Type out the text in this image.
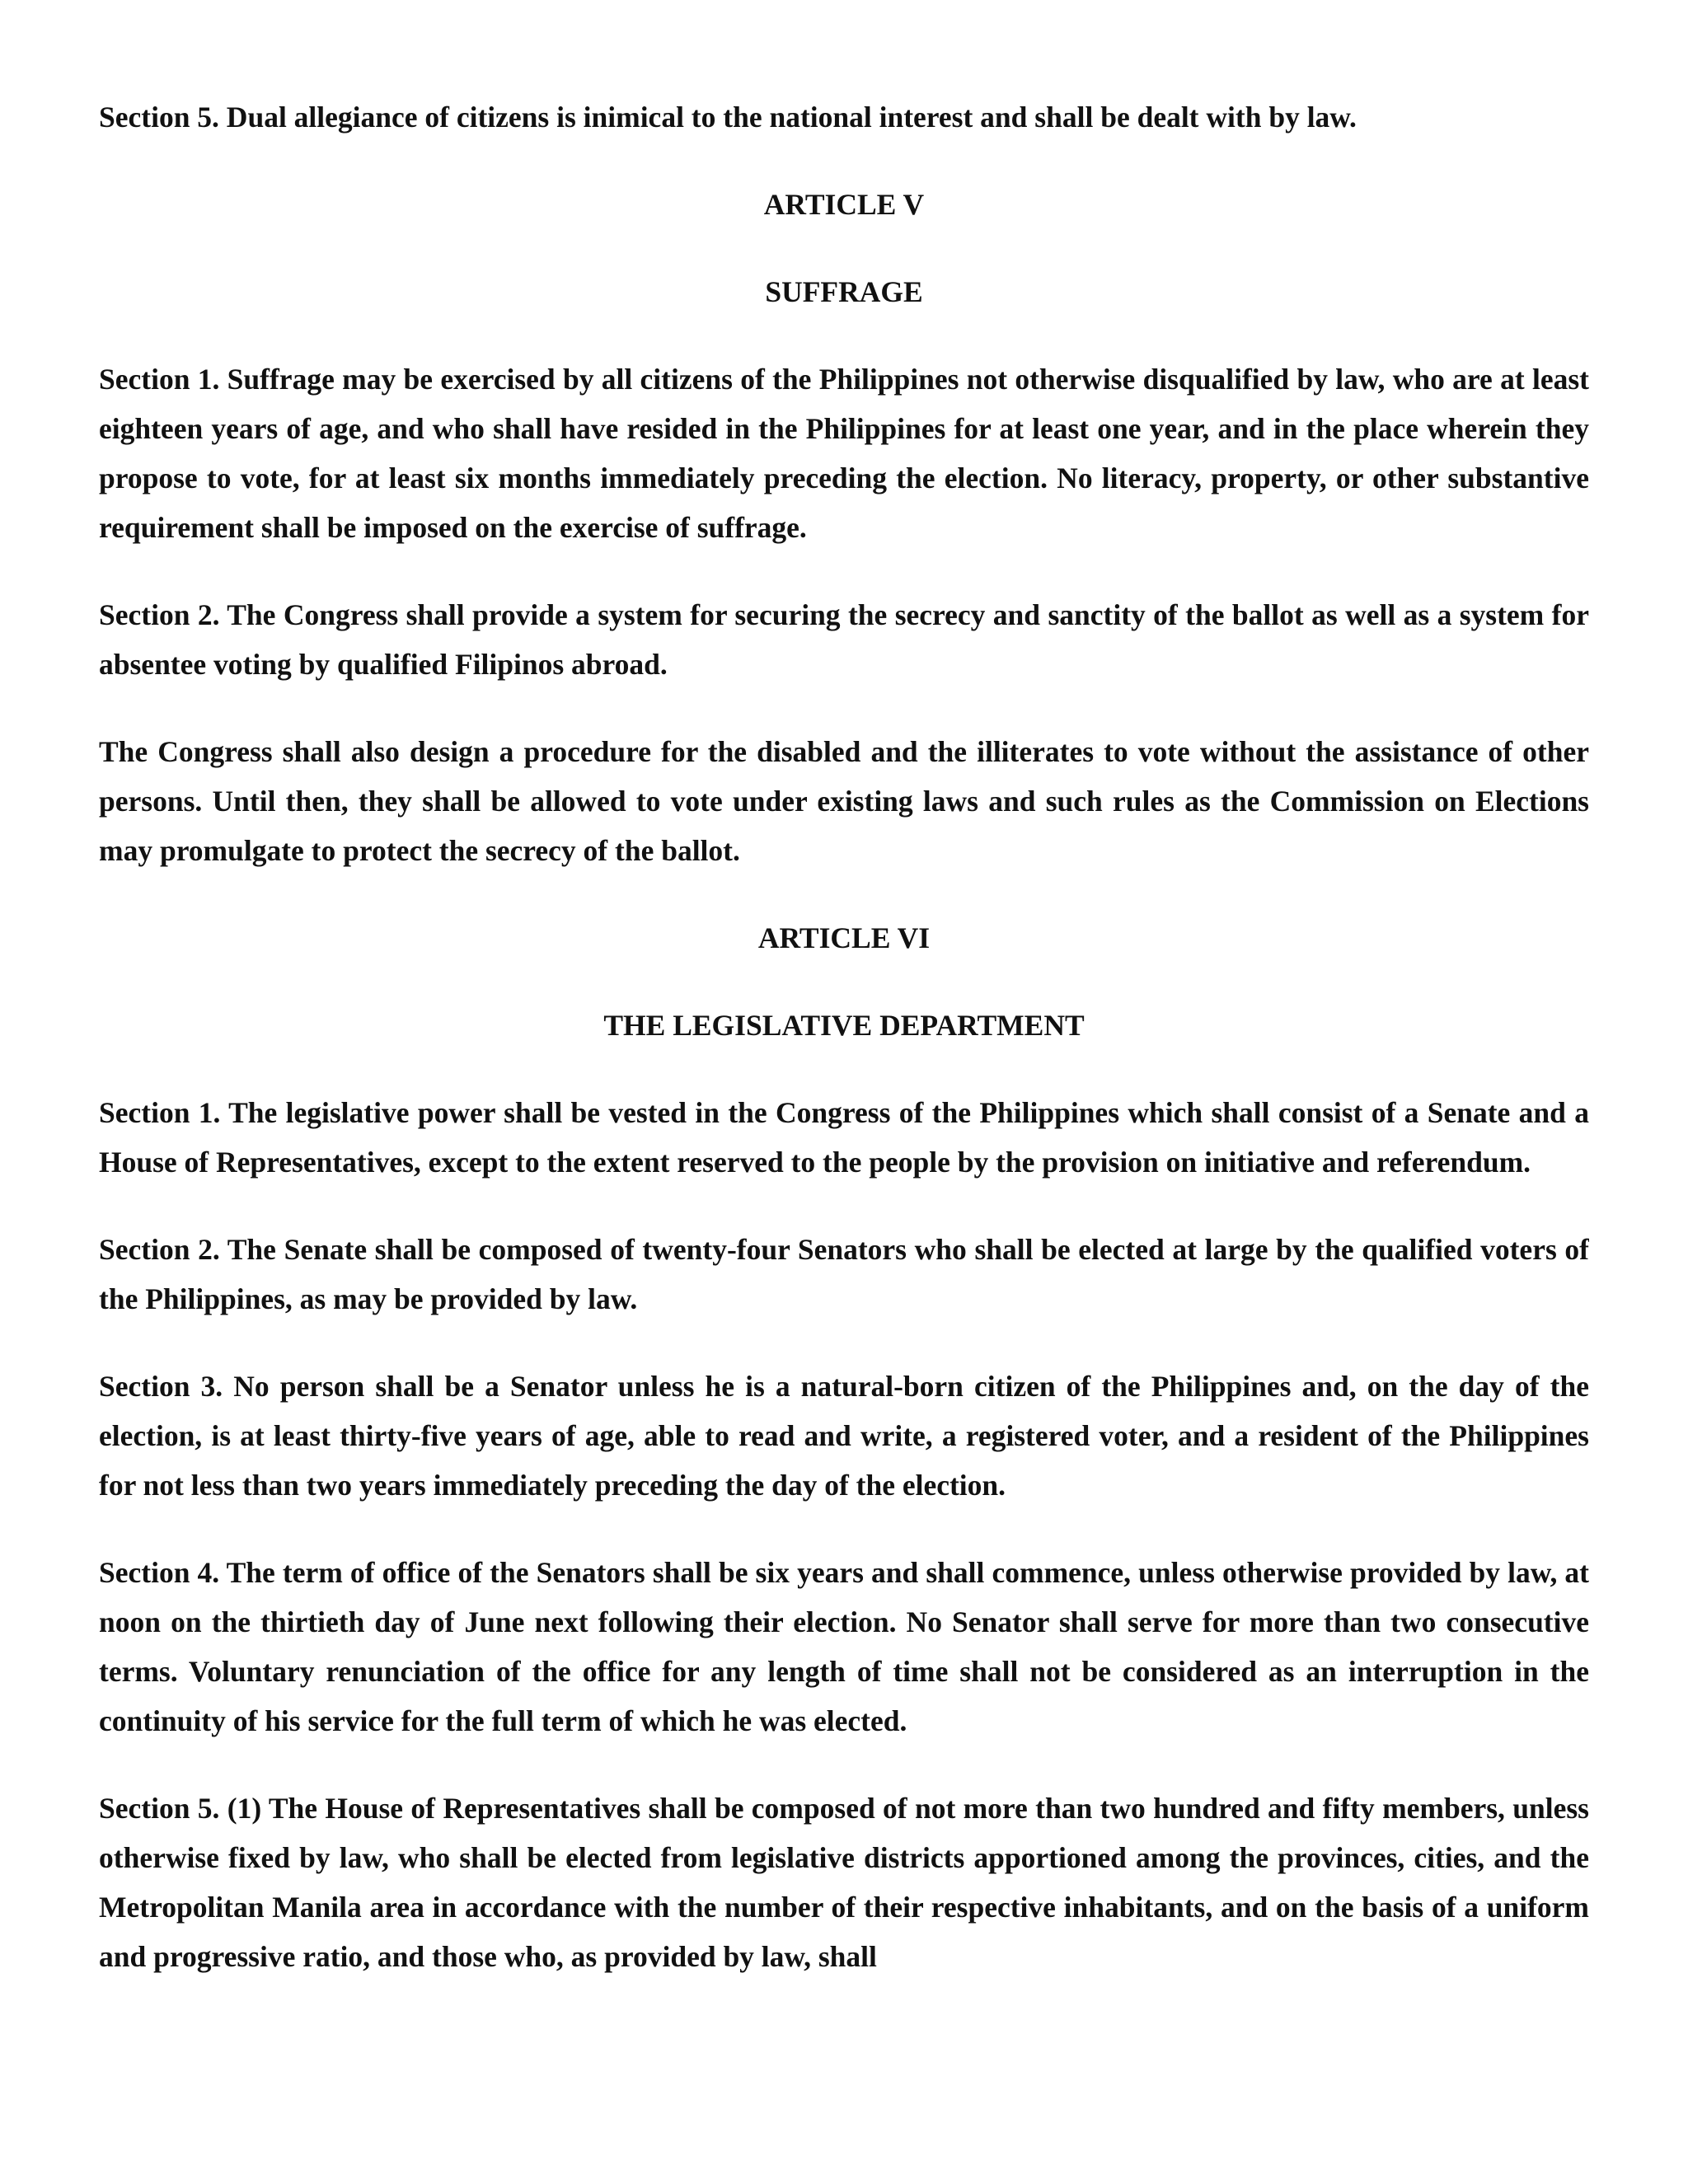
Section 5. Dual allegiance of citizens is inimical to the national interest and shall be dealt with by law.

ARTICLE V

SUFFRAGE

Section 1. Suffrage may be exercised by all citizens of the Philippines not otherwise disqualified by law, who are at least eighteen years of age, and who shall have resided in the Philippines for at least one year, and in the place wherein they propose to vote, for at least six months immediately preceding the election. No literacy, property, or other substantive requirement shall be imposed on the exercise of suffrage.

Section 2. The Congress shall provide a system for securing the secrecy and sanctity of the ballot as well as a system for absentee voting by qualified Filipinos abroad.

The Congress shall also design a procedure for the disabled and the illiterates to vote without the assistance of other persons. Until then, they shall be allowed to vote under existing laws and such rules as the Commission on Elections may promulgate to protect the secrecy of the ballot.

ARTICLE VI

THE LEGISLATIVE DEPARTMENT

Section 1. The legislative power shall be vested in the Congress of the Philippines which shall consist of a Senate and a House of Representatives, except to the extent reserved to the people by the provision on initiative and referendum.

Section 2. The Senate shall be composed of twenty-four Senators who shall be elected at large by the qualified voters of the Philippines, as may be provided by law.

Section 3. No person shall be a Senator unless he is a natural-born citizen of the Philippines and, on the day of the election, is at least thirty-five years of age, able to read and write, a registered voter, and a resident of the Philippines for not less than two years immediately preceding the day of the election.

Section 4. The term of office of the Senators shall be six years and shall commence, unless otherwise provided by law, at noon on the thirtieth day of June next following their election. No Senator shall serve for more than two consecutive terms. Voluntary renunciation of the office for any length of time shall not be considered as an interruption in the continuity of his service for the full term of which he was elected.

Section 5. (1) The House of Representatives shall be composed of not more than two hundred and fifty members, unless otherwise fixed by law, who shall be elected from legislative districts apportioned among the provinces, cities, and the Metropolitan Manila area in accordance with the number of their respective inhabitants, and on the basis of a uniform and progressive ratio, and those who, as provided by law, shall
